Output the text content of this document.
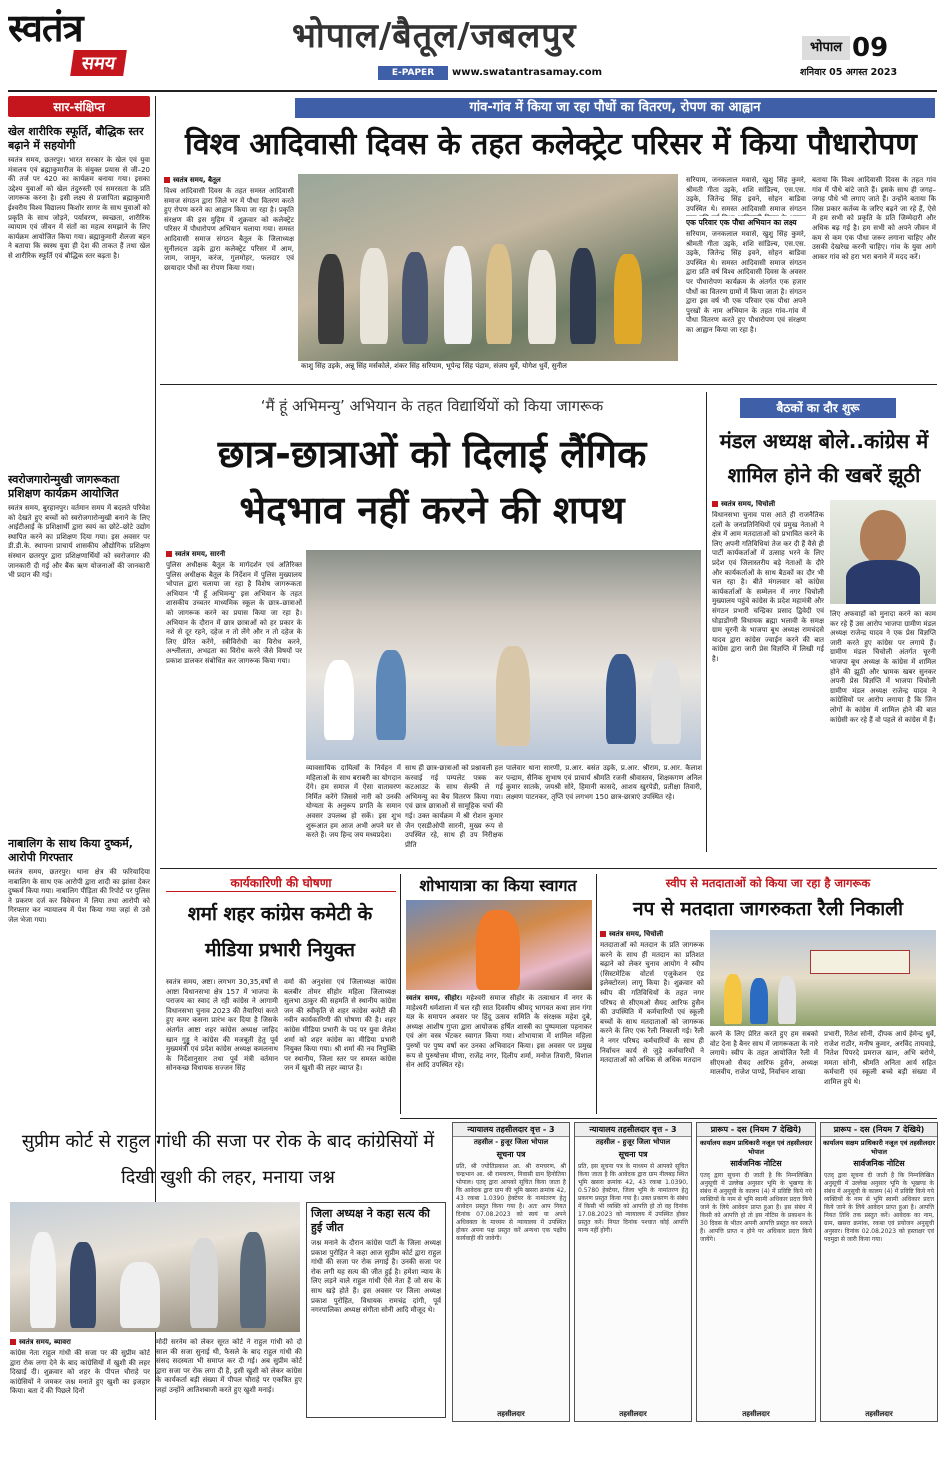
स्वतंत्र
समय
भोपाल/बैतूल/जबलपुर
E-PAPER	www.swatantrasamay.com
भोपाल 09
शनिवार 05 अगस्त 2023
सार-संक्षिप्त
खेल शारीरिक स्फूर्ति, बौद्धिक स्तर बढ़ाने में सहयोगी
स्वतंत्र समय, छतरपुर। भारत सरकार के खेल एवं युवा मंत्रालय एवं ब्रह्माकुमारीज के संयुक्त प्रयास से जी–20 की तर्ज पर 420 का कार्यक्रम बनाया गया। इसका उद्देश्य युवाओं को खेल तंदुरुस्ती एवं समरसता के प्रति जागरूक करना है। इसी लक्ष्य से प्रजापिता ब्रह्माकुमारी ईश्वरीय विश्व विद्यालय किशोर सागर के साथ युवाओं को प्रकृति के साथ जोड़ने, पर्यावरण, स्वच्छता, शारीरिक व्यायाम एवं जीवन में संतों का महत्व समझाने के लिए कार्यक्रम आयोजित किया गया। ब्रह्माकुमारी शैलजा बहन ने बताया कि स्वस्थ युवा ही देश की ताकत हैं तथा खेल से शारीरिक स्फूर्ति एवं बौद्धिक स्तर बढ़ता है।
स्वरोजगारोन्मुखी जागरूकता प्रशिक्षण कार्यक्रम आयोजित
स्वतंत्र समय, बुरहानपुर। वर्तमान समय में बदलते परिवेश को देखते हुए बच्चों को स्वरोजगारोन्मुखी बनाने के लिए आईटीआई के प्रशिक्षार्थी द्वारा स्वयं का छोटे–छोटे उद्योग स्थापित करने का प्रशिक्षण दिया गया। इस अवसर पर डी.डी.के. स्थापना प्राचार्य शासकीय औद्योगिक प्रशिक्षण संस्थान छतरपुर द्वारा प्रशिक्षणार्थियों को स्वरोजगार की जानकारी दी गई और बैंक ऋण योजनाओं की जानकारी भी प्रदान की गई।
नाबालिग के साथ किया दुष्कर्म, आरोपी गिरफ्तार
स्वतंत्र समय, छतरपुर। थाना क्षेत्र की फरियादिया नाबालिग के साथ एक आरोपी द्वारा शादी का झांसा देकर दुष्कर्म किया गया। नाबालिग पीड़िता की रिपोर्ट पर पुलिस ने प्रकरण दर्ज कर विवेचना में लिया तथा आरोपी को गिरफ्तार कर न्यायालय में पेश किया गया जहां से उसे जेल भेजा गया।
गांव-गांव में किया जा रहा पौधों का वितरण, रोपण का आह्वान
विश्व आदिवासी दिवस के तहत कलेक्ट्रेट परिसर में किया पौधारोपण
स्वतंत्र समय, बैतूल
विश्व आदिवासी दिवस के तहत समस्त आदिवासी समाज संगठन द्वारा जिले भर में पौधा वितरण करते हुए रोपण करने का आह्वान किया जा रहा है। प्रकृति संरक्षण की इस मुहिम में शुक्रवार को कलेक्ट्रेट परिसर में पौधारोपण अभियान चलाया गया। समस्त आदिवासी समाज संगठन बैतूल के जिलाध्यक्ष सुनीलदत्त उइके द्वारा कलेक्ट्रेट परिसर में आम, जाम, जामुन, करंज, गुलमोहर, फलदार एवं छायादार पौधों का रोपण किया गया।
काशु सिंह उइके, अन्नू सिंह मर्सकोले, शंकर सिंह सरियाम, भूपेन्द्र सिंह पंद्राम, संजय धुर्वे, योगेश धुर्वे, सुनील
सरियाम, जनकलाल मवासे, खुशु सिंह कुमरे, श्रीमती गीता उइके, शशि सांडिल्य, एस.एस. उइके, जितेन्द्र सिंह इवने, सोहन बाडिवा उपस्थित थे। समस्त आदिवासी समाज संगठन
एक परिवार एक पौधा अभियान का लक्ष्य
सरियाम, जनकलाल मवासे, खुशु सिंह कुमरे, श्रीमती गीता उइके, शशि सांडिल्य, एस.एस. उइके, जितेन्द्र सिंह इवने, सोहन बाडिवा उपस्थित थे। समस्त आदिवासी समाज संगठन द्वारा प्रति वर्ष विश्व आदिवासी दिवस के अवसर पर पौधारोपण कार्यक्रम के अंतर्गत एक हजार पौधों का वितरण ग्रामों में किया जाता है। संगठन द्वारा इस वर्ष भी एक परिवार एक पौधा अपने पुरखों के नाम अभियान के तहत गांव–गांव में पौधा वितरण करते हुए पौधारोपण एवं संरक्षण का आह्वान किया जा रहा है।
बताया कि विश्व आदिवासी दिवस के तहत गांव गांव में पौधे बांटे जाते हैं। इसके साथ ही जगह–जगह पौधे भी लगाए जाते हैं। उन्होंने बताया कि जिस प्रकार कर्तव्य के जरिए बढ़ने जा रहे हैं, ऐसे में हम सभी को प्रकृति के प्रति जिम्मेदारी और अधिक बढ़ गई है। हम सभी को अपने जीवन में कम से कम एक पौधा जरूर लगाना चाहिए और उसकी देखरेख करनी चाहिए। गांव के युवा आगे आकर गांव को हरा भरा बनाने में मदद करें।
‘मैं हूं अभिमन्यु’ अभियान के तहत विद्यार्थियों को किया जागरूक
छात्र-छात्राओं को दिलाई लैंगिक भेदभाव नहीं करने की शपथ
स्वतंत्र समय, सारनी
पुलिस अधीक्षक बैतूल के मार्गदर्शन एवं अतिरिक्त पुलिस अधीक्षक बैतूल के निर्देशन में पुलिस मुख्यालय भोपाल द्वारा चलाया जा रहा है विशेष जागरूकता अभियान 'मैं हूँ अभिमन्यु' इस अभियान के तहत शासकीय उच्चतर माध्यमिक स्कूल के छात्र–छात्राओं को जागरूक करने का प्रयास किया जा रहा है। अभियान के दौरान में छात्र छात्राओं को हर प्रकार के नशे से दूर रहने, दहेज न तो लेंगे और न तो दहेज के लिए प्रेरित करेंगे, स्त्रीविरोधी का विरोध करने, अश्लीलता, अभद्रता का विरोध करने जैसे विषयों पर प्रकाश डालकर संबोधित कर जागरूक किया गया।
व्यावसायिक दायित्वों के निर्वहन में महिलाओं के साथ बराबरी का योगदान देंगे। हम समाज में ऐसा वातावरण निर्मित करेंगे जिससे नारी को उनकी योग्यता के अनुरूप प्रगति के समान अवसर उपलब्ध हो सकें। इस शुभ शुरूआत हम आज अभी अपने घर से करते हैं। जय हिन्द जय मध्यप्रदेश।
साथ ही छात्र-छात्राओं को प्रश्नावली हल करवाई गई पम्पलेट पत्रक कर कटआउट के साथ सेल्फी ले गई अभिमन्यु का बैच वितरण किया गया। एवं छात्र छात्राओं से सामूहिक चर्चा की गई। उक्त कार्यक्रम में श्री रोशन कुमार जैन एसडीओपी सारनी, मुख्य रूप से उपस्थित रहे, साथ ही उप निरीक्षक प्रीति
पालेवार थाना सारणी, प्र.आर. बसंत उइके, प्र.आर. श्रीराम, प्र.आर. कैलाश पन्द्राम, सैनिक सुभाष एवं प्राचार्य श्रीमति रजनी श्रीवास्तव, शिक्षकगण अनिल कुमार सातके, जयश्री सोरे, हिमानी कासदे, आशय खुरपेडी, प्रतीक्षा तिवारी, लक्ष्मण पाटनकर, तृप्ति एवं लगभग 150 छात्र-छात्राएं उपस्थित रहे।
बैठकों का दौर शुरू
मंडल अध्यक्ष बोले..कांग्रेस में शामिल होने की खबरें झूठी
स्वतंत्र समय, चिचोली
विधानसभा चुनाव पास आते ही राजनैतिक दलों के जनप्रतिनिधियों एवं प्रमुख नेताओं ने क्षेत्र में आम मतदाताओं को प्रभावित करने के लिए अपनी गतिविधियां तेज कर दी हैं वैसे ही पार्टी कार्यकर्ताओं में उत्साह भरने के लिए प्रदेश एवं जिलास्तरीय बड़े नेताओं के दौरे और कार्यकर्ताओं के साथ बैठकों का दौर भी चल रहा है। बीते मंगलवार को कांग्रेस कार्यकर्ताओं के सम्मेलन में नगर चिचोली मुख्यालय पहुंचे कांग्रेस के प्रदेश महामंत्री और संगठन प्रभारी चन्द्रिका प्रसाद द्विवेदी एवं घोड़ाडोंगरी विधायक ब्रह्मा भलावी के समक्ष ग्राम चूरनी के भाजपा बूथ अध्यक्ष रामचंदसे यादव द्वारा कांग्रेस ज्वाईन करने की बात कांग्रेस द्वारा जारी प्रेस विज्ञप्ति में लिखी गई है।
लिए अफवाहों को मुनादा करने का काम कर रहे हैं उस आरोप भाजपा ग्रामीण मंडल अध्यक्ष राजेन्द्र यादव ने एक प्रेस विज्ञप्ति जारी करते हुए कांग्रेस पर लगाये हैं। ग्रामीण मंडल चिचोली अंतर्गत चूरनी भाजपा बूथ अध्यक्ष के कांग्रेस में शामिल होने की झूठी और भ्रामक खबर सुनकर अपनी प्रेस विज्ञप्ति में भाजपा चिचोली ग्रामीण मंडल अध्यक्ष राजेन्द्र यादव ने कांग्रेसियों पर आरोप लगाया है कि जिन लोगों के कांग्रेस में शामिल होने की बात कांग्रेसी कर रहे हैं वो पहले से कांग्रेस में हैं।
कार्यकारिणी की घोषणा
शर्मा शहर कांग्रेस कमेटी के मीडिया प्रभारी नियुक्त
स्वतंत्र समय, अष्टा। लगभग 30,35,वर्षों से आष्टा विधानसभा क्षेत्र 157 में भाजपा के पराजय का स्वाद ले रही कांग्रेस ने आगामी विधानसभा चुनाव 2023 की तैयारियां करते हुए कमर कसना प्रारंभ कर दिया है जिसके अंतर्गत आष्टा शहर कांग्रेस अध्यक्ष जाहिद खान गुड्डू ने कांग्रेस की मजबूती हेतु पूर्व मुख्यमंत्री एवं प्रदेश कांग्रेस अध्यक्ष कमलनाथ के निर्देशानुसार तथा पूर्व मंत्री वर्तमान सोनकच्छ विधायक सज्जन सिंह
वर्मा की अनुशंसा एवं जिलाध्यक्ष कांग्रेस बलबीर तोमर सीहोर महिला जिलाध्यक्ष सुलभा ठाकुर की सहमति से स्थानीय कांग्रेस जन की स्वीकृति से शहर कांग्रेस कमेटी की नवीन कार्यकारिणी की घोषणा की है। शहर कांग्रेस मीडिया प्रभारी के पद पर युवा शैलेश शर्मा को शहर कांग्रेस का मीडिया प्रभारी नियुक्त किया गया। श्री शर्मा की नव नियुक्ति पर स्थानीय, जिला स्तर पर समस्त कांग्रेस जन में खुशी की लहर व्याप्त है।
शोभायात्रा का किया स्वागत
स्वतंत्र समय, सीहोर। महेश्वरी समाज सीहोर के तत्वाधान में नगर के माहेश्वरी धर्मशाला में चल रही सात दिवसीय श्रीमद् भागवत कथा ज्ञान गंगा यज्ञ के समापन अवसर पर हिंदू उत्सव समिति के संरक्षक महेश दुबे, अध्यक्ष आशीष गुप्ता द्वारा आयोजक हर्षित शास्त्री का पुष्पमाला पहनाकर एवं अंग वस्त्र भेंटकर स्वागत किया गया। शोभायात्रा में शामिल महिला पुरुषों पर पुष्प वर्षा कर उनका अभिवादन किया। इस अवसर पर प्रमुख रूप से पुरुषोत्तम मीणा, राजेंद्र नगर, दिलीप शर्मा, मनोज तिवारी, विशाल सेन आदि उपस्थित रहे।
स्वीप से मतदाताओं को किया जा रहा है जागरूक
नप से मतदाता जागरुकता रैली निकाली
स्वतंत्र समय, चिचोली
मतदाताओं को मतदान के प्रति जागरूक करने के साथ ही मतदान का प्रतिशत बढ़ाने को लेकर चुनाव आयोग ने स्वीप (सिस्टमेटिक वोटर्स एजुकेशन एंड इलेक्टोरल) लागू किया है। शुक्रवार को स्वीप की गतिविधियों के तहत नगर परिषद से सीएमओ सैयद आरिफ हुसैन की उपस्थिति में कर्मचारियों एवं स्कूली बच्चों के साथ मतदाताओं को जागरूक करने के लिए एक रैली निकाली गई। रैली ने नगर परिषद कर्मचारियों के साथ ही निर्वाचन कार्य से जुड़े कर्मचारियों ने मतदाताओं को अधिक से अधिक मतदान
करने के लिए प्रेरित करते हुए हम सबको वोट देना है बैनर साथ में जागरूकता के नारे लगाये। स्वीप के तहत आयोजित रैली में सीएमओ सैयद आरिफ हुसैन, अध्यक्ष मालवीय, राजेश पाण्डे, निर्वाचन शाखा
प्रभारी, रितेश सोनी, दीपक आर्य हेमेन्द्र धुर्वे, राजेश राठौर, मनीष कुमार, अरविंद तायवाड़े, नितेश पिपरदे प्रमराज खान, अभि बरोणे, ममता सोनी, श्रीमति अनिता आर्य सहित कर्मचारी एवं स्कूली बच्चे बड़ी संख्या में शामिल हुये थे।
सुप्रीम कोर्ट से राहुल गांधी की सजा पर रोक के बाद कांग्रेसियों में दिखी खुशी की लहर, मनाया जश्न
स्वतंत्र समय, ब्यावरा
कांग्रेस नेता राहुल गांधी की सजा पर की सुप्रीम कोर्ट द्वारा रोक लगा देने के बाद कांग्रेसियों में खुशी की लहर दिखाई दी। शुक्रवार को शहर के पीपल चौराहे पर कांग्रेसियों ने जमकर जश्न मनाते हुए खुशी का इजहार किया। बता दें की पिछले दिनों
मोदी सरनेम को लेकर सूरत कोर्ट ने राहुल गांधी को दो साल की सजा सुनाई थी, फैसले के बाद राहुल गांधी की संसद सदस्यता भी समाप्त कर दी गई। अब सुप्रीम कोर्ट द्वारा सजा पर रोक लगा दी है, इसी खुशी को लेकर कांग्रेस के कार्यकर्ता बड़ी संख्या में पीपल चौराहे पर एकत्रित हुए जहां उन्होंने आतिशबाजी करते हुए खुशी मनाई।
जिला अध्यक्ष ने कहा सत्य की हुई जीत
जश्न मनाने के दौरान कांग्रेस पार्टी के जिला अध्यक्ष प्रकाश पुरोहित ने कहा आज सुप्रीम कोर्ट द्वारा राहुल गांधी की सजा पर रोक लगाई है। उनकी सजा पर रोक लगी यह सत्य की जीत हुई है। हमेशा न्याय के लिए लड़ने वाले राहुल गांधी ऐसे नेता हैं जो सच के साथ खड़े होते हैं। इस अवसर पर जिला अध्यक्ष प्रकाश पुरोहित, विधायक रामचंद्र दांगी, पूर्व नगरपालिका अध्यक्ष संगीता सोनी आदि मौजूद थे।
न्यायालय तहसीलदार वृत्त - 3
तहसील - हुजूर जिला भोपाल
सूचना पत्र
प्रति, श्री ज्योतिप्रकाश आ. श्री रामचरण, श्री चन्द्रभान आ. श्री रामचरण, निवासी ग्राम हिनोतिया भोपाल। एतद् द्वारा आपको सूचित किया जाता है कि आवेदक द्वारा ग्राम की भूमि खसरा क्रमांक 42, 43 रकबा 1.0390 हेक्टेयर के नामांतरण हेतु आवेदन प्रस्तुत किया गया है। अतः आप नियत दिनांक 07.08.2023 को स्वयं या अपने अधिवक्ता के माध्यम से न्यायालय में उपस्थित होकर अपना पक्ष प्रस्तुत करें अन्यथा एक पक्षीय कार्यवाही की जावेगी।
तहसीलदार
न्यायालय तहसीलदार वृत्त - 3
तहसील - हुजूर जिला भोपाल
सूचना पत्र
प्रति, इस सूचना पत्र के माध्यम से आपको सूचित किया जाता है कि आवेदक द्वारा ग्राम नीलबड़ स्थित भूमि खसरा क्रमांक 42, 43 रकबा 1.0390, 0.5780 हेक्टेयर, जिला भूमि के नामांतरण हेतु प्रकरण प्रस्तुत किया गया है। उक्त प्रकरण के संबंध में किसी भी व्यक्ति को आपत्ति हो तो वह दिनांक 17.08.2023 को न्यायालय में उपस्थित होकर प्रस्तुत करें। नियत दिनांक पश्चात कोई आपत्ति मान्य नहीं होगी।
तहसीलदार
प्रारूप - दस (नियम 7 देखिये)
कार्यालय सक्षम प्राधिकारी नजूल एवं तहसीलदार भोपाल
सार्वजनिक नोटिस
एतद् द्वारा सूचना दी जाती है कि निम्नलिखित अनुसूची में उल्लेख अनुसार भूमि के भूखण्ड के संबंध में अनुसूची के कालम (4) में प्रविष्टि किये गये व्यक्तियों के नाम से भूमि स्वामी अधिकार प्रदत्त किये जाने के लिये आवेदन प्राप्त हुआ है। इस संबंध में किसी को आपत्ति हो तो इस नोटिस के प्रकाशन के 30 दिवस के भीतर अपनी आपत्ति प्रस्तुत कर सकते हैं। आपत्ति प्राप्त न होने पर अधिकार प्रदत्त किये जायेंगे।
तहसीलदार
प्रारूप - दस (नियम 7 देखिये)
कार्यालय सक्षम प्राधिकारी नजूल एवं तहसीलदार भोपाल
सार्वजनिक नोटिस
एतद् द्वारा सूचना दी जाती है कि निम्नलिखित अनुसूची में उल्लेख अनुसार भूमि के भूखण्ड के संबंध में अनुसूची के कालम (4) में प्रविष्टि किये गये व्यक्तियों के नाम से भूमि स्वामी अधिकार प्रदत्त किये जाने के लिये आवेदन प्राप्त हुआ है। आपत्ति नियत तिथि तक प्रस्तुत करें। आवेदक का नाम, ग्राम, खसरा क्रमांक, रकबा एवं प्रयोजन अनुसूची अनुसार। दिनांक 02.08.2023 को हस्ताक्षर एवं पदमुद्रा से जारी किया गया।
तहसीलदार
